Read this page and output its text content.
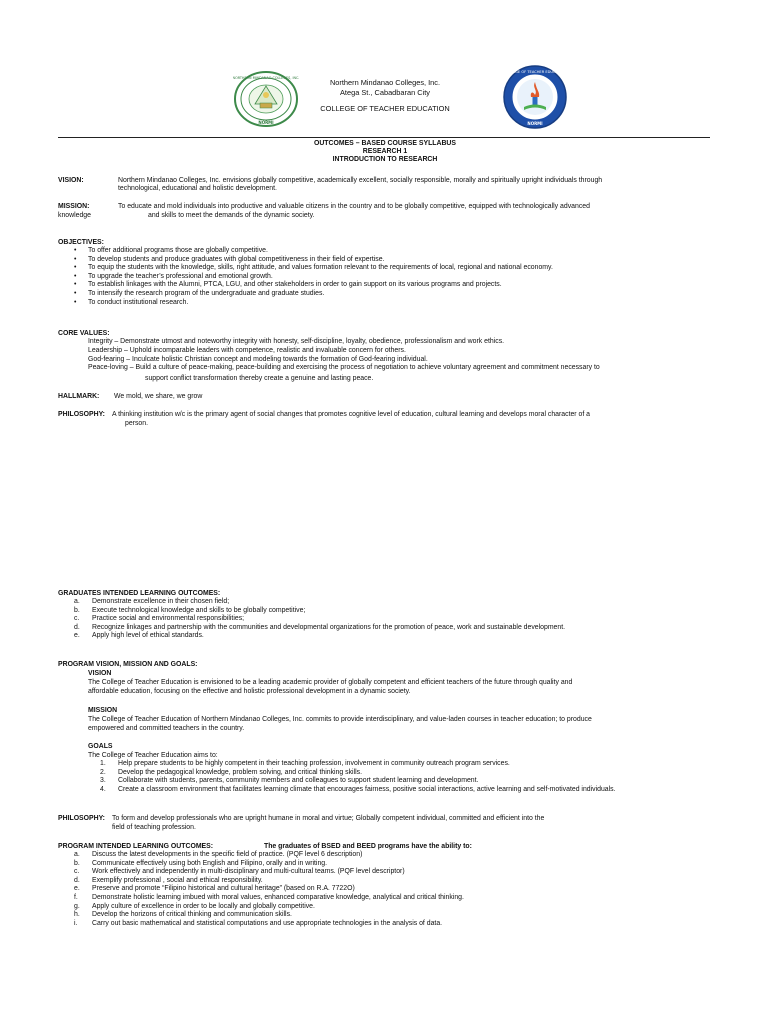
NORTHERN MINDANAO COLLEGES, INC.
NORMI
COLLEGE OF TEACHER EDUCATION
NORMI
Northern Mindanao Colleges, Inc.
Atega St., Cabadbaran City
COLLEGE OF TEACHER EDUCATION
OUTCOMES – BASED COURSE SYLLABUS
RESEARCH 1
INTRODUCTION TO RESEARCH
VISION:	Northern Mindanao Colleges, Inc. envisions globally competitive, academically excellent, socially responsible, morally and spiritually upright individuals through
technological, educational and holistic development.
MISSION:	To educate and mold individuals into productive and valuable citizens in the country and to be globally competitive, equipped with technologically advanced
knowledge	and skills to meet the demands of the dynamic society.
OBJECTIVES:
• To offer additional programs those are globally competitive.
• To develop students and produce graduates with global competitiveness in their field of expertise.
• To equip the students with the knowledge, skills, right attitude, and values formation relevant to the requirements of local, regional and national economy.
• To upgrade the teacher’s professional and emotional growth.
• To establish linkages with the Alumni, PTCA, LGU, and other stakeholders in order to gain support on its various programs and projects.
• To intensify the research program of the undergraduate and graduate studies.
• To conduct institutional research.
CORE VALUES:
Integrity – Demonstrate utmost and noteworthy integrity with honesty, self-discipline, loyalty, obedience, professionalism and work ethics.
Leadership – Uphold incomparable leaders with competence, realistic and invaluable concern for others.
God-fearing – Inculcate holistic Christian concept and modeling towards the formation of God-fearing individual.
Peace-loving – Build a culture of peace-making, peace-building and exercising the process of negotiation to achieve voluntary agreement and commitment necessary to
support conflict transformation thereby create a genuine and lasting peace.
HALLMARK: We mold, we share, we grow
PHILOSOPHY: A thinking institution w/c is the primary agent of social changes that promotes cognitive level of education, cultural learning and develops moral character of a
person.
GRADUATES INTENDED LEARNING OUTCOMES:
a. Demonstrate excellence in their chosen field;
b. Execute technological knowledge and skills to be globally competitive;
c. Practice social and environmental responsibilities;
d. Recognize linkages and partnership with the communities and developmental organizations for the promotion of peace, work and sustainable development.
e. Apply high level of ethical standards.
PROGRAM VISION, MISSION AND GOALS:
VISION
The College of Teacher Education is envisioned to be a leading academic provider of globally competent and efficient teachers of the future through quality and
affordable education, focusing on the effective and holistic professional development in a dynamic society.
MISSION
The College of Teacher Education of Northern Mindanao Colleges, Inc. commits to provide interdisciplinary, and value-laden courses in teacher education; to produce
empowered and committed teachers in the country.
GOALS
The College of Teacher Education aims to:
1. Help prepare students to be highly competent in their teaching profession, involvement in community outreach program services.
2. Develop the pedagogical knowledge, problem solving, and critical thinking skills.
3. Collaborate with students, parents, community members and colleagues to support student learning and development.
4. Create a classroom environment that facilitates learning climate that encourages fairness, positive social interactions, active learning and self-motivated individuals.
PHILOSOPHY: To form and develop professionals who are upright humane in moral and virtue; Globally competent individual, committed and efficient into the
field of teaching profession.
PROGRAM INTENDED LEARNING OUTCOMES:	The graduates of BSED and BEED programs have the ability to:
a. Discuss the latest developments in the specific field of practice. (PQF level 6 description)
b. Communicate effectively using both English and Filipino, orally and in writing.
c. Work effectively and independently in multi-disciplinary and multi-cultural teams. (PQF level descriptor)
d. Exemplify professional , social and ethical responsibility.
e. Preserve and promote “Filipino historical and cultural heritage” (based on R.A. 7722O)
f. Demonstrate holistic learning imbued with moral values, enhanced comparative knowledge, analytical and critical thinking.
g. Apply culture of excellence in order to be locally and globally competitive.
h. Develop the horizons of critical thinking and communication skills.
i. Carry out basic mathematical and statistical computations and use appropriate technologies in the analysis of data.
